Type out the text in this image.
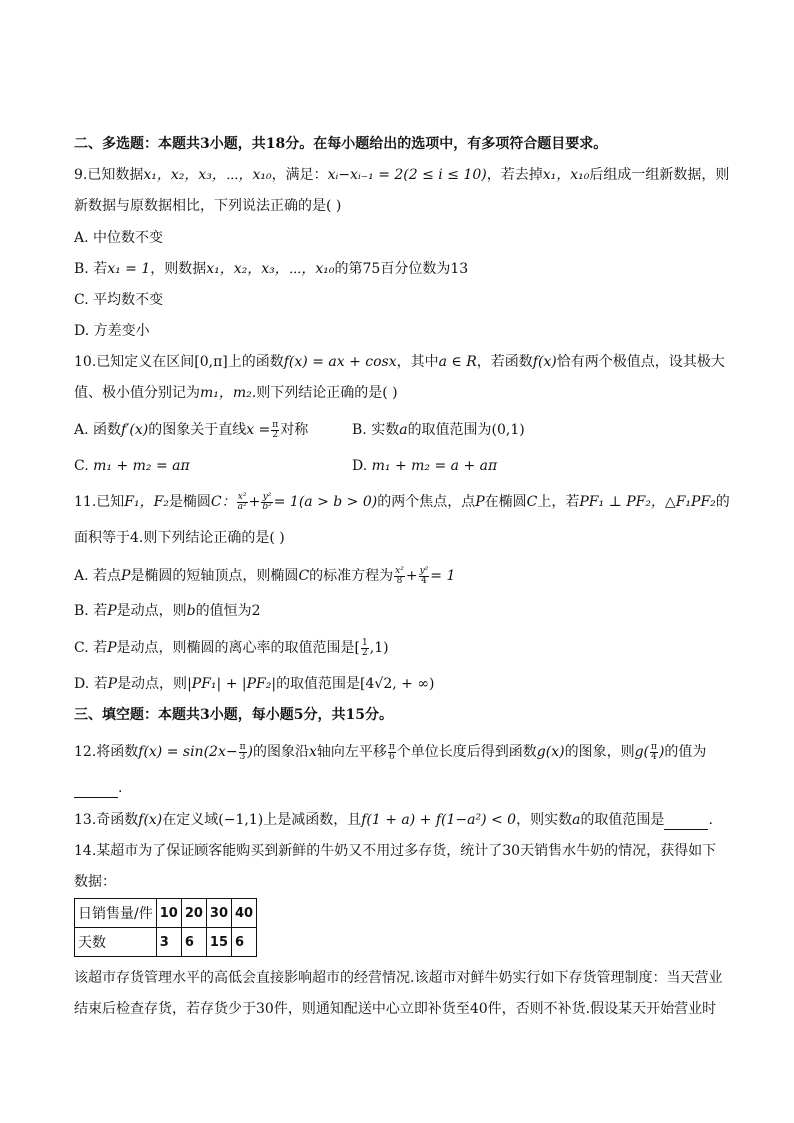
二、多选题：本题共3小题，共18分。在每小题给出的选项中，有多项符合题目要求。
9.已知数据x₁，x₂，x₃，⋯，x₁₀，满足：xᵢ−xᵢ₋₁ = 2(2 ≤ i ≤ 10)，若去掉x₁，x₁₀后组成一组新数据，则
新数据与原数据相比，下列说法正确的是( )
A. 中位数不变
B. 若x₁ = 1，则数据x₁，x₂，x₃，⋯，x₁₀的第75百分位数为13
C. 平均数不变
D. 方差变小
10.已知定义在区间[0,π]上的函数f(x) = ax + cosx，其中a ∈ R，若函数f(x)恰有两个极值点，设其极大
值、极小值分别记为m₁，m₂.则下列结论正确的是( )
A. 函数f′(x)的图象关于直线$x = \frac{\pi}{2}$ 对称	B. 实数a的取值范围为(0,1)
C. m₁ + m₂ = aπ	D. m₁ + m₂ = a + aπ
11.已知F₁，F₂是椭圆C： $\frac{\text{x²}}{\text{a²}} + \frac{\text{y²}}{\text{b²}} = 1(a > b > 0)$的两个焦点，点P在椭圆C上，若PF₁ ⊥ PF₂，△F₁PF₂的
面积等于4.则下列结论正确的是( )
A. 若点P是椭圆的短轴顶点，则椭圆C的标准方程为 $\frac{\text{x²}}{8} + \frac{\text{y²}}{4} = 1$
B. 若P是动点，则b的值恒为2
C. 若P是动点，则椭圆的离心率的取值范围是[ $\frac{1}{2} ,1$)
D. 若P是动点，则|PF₁| + |PF₂|的取值范围是[4√2, + ∞)
三、填空题：本题共3小题，每小题5分，共15分。
12.将函数$f(x) = \sin(2x- \frac{\pi}{3}$ )的图象沿x轴向左平移 $\frac{\pi}{6}$ 个单位长度后得到函数g(x)的图象，则$g( \frac{\pi}{4}$ )的值为
.
13.奇函数f(x)在定义域(−1,1)上是减函数，且f(1 + a) + f(1−a²) < 0，则实数a的取值范围是	.
14.某超市为了保证顾客能购买到新鲜的牛奶又不用过多存货，统计了30天销售水牛奶的情况，获得如下
数据：
日销售量/件	10	20	30	40
天数	3	6	15	6
该超市存货管理水平的高低会直接影响超市的经营情况.该超市对鲜牛奶实行如下存货管理制度：当天营业
结束后检查存货，若存货少于30件，则通知配送中心立即补货至40件，否则不补货.假设某天开始营业时
